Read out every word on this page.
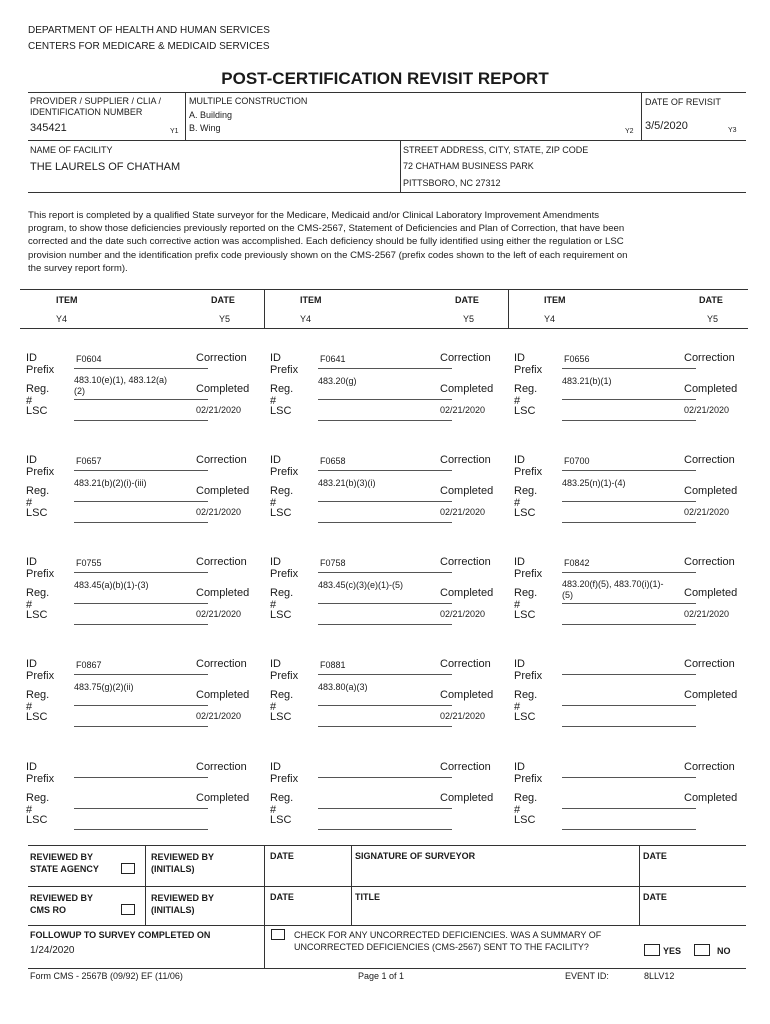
DEPARTMENT OF HEALTH AND HUMAN SERVICES
CENTERS FOR MEDICARE & MEDICAID SERVICES
POST-CERTIFICATION REVISIT REPORT
PROVIDER / SUPPLIER / CLIA /
IDENTIFICATION NUMBER
345421	Y1
MULTIPLE CONSTRUCTION
A. Building
B. Wing	Y2
DATE OF REVISIT
3/5/2020	Y3
NAME OF FACILITY
THE LAURELS OF CHATHAM
STREET ADDRESS, CITY, STATE, ZIP CODE
72 CHATHAM BUSINESS PARK
PITTSBORO, NC 27312
This report is completed by a qualified State surveyor for the Medicare, Medicaid and/or Clinical Laboratory Improvement Amendments
program, to show those deficiencies previously reported on the CMS-2567, Statement of Deficiencies and Plan of Correction, that have been
corrected and the date such corrective action was accomplished. Each deficiency should be fully identified using either the regulation or LSC
provision number and the identification prefix code previously shown on the CMS-2567 (prefix codes shown to the left of each requirement on
the survey report form).
ITEM	DATE
Y4	Y5
ITEM	DATE
Y4	Y5
ITEM	DATE
Y4	Y5
ID Prefix
F0604	Correction
Reg. #
483.10(e)(1), 483.12(a)
(2)	Completed
LSC	02/21/2020
ID Prefix
F0641	Correction
Reg. #
483.20(g)
Completed
LSC	02/21/2020
ID Prefix
F0656	Correction
Reg. #
483.21(b)(1)
Completed
LSC	02/21/2020
ID Prefix
F0657	Correction
Reg. #
483.21(b)(2)(i)-(iii)
Completed
LSC	02/21/2020
ID Prefix
F0658	Correction
Reg. #
483.21(b)(3)(i)
Completed
LSC	02/21/2020
ID Prefix
F0700	Correction
Reg. #
483.25(n)(1)-(4)
Completed
LSC	02/21/2020
ID Prefix
F0755	Correction
Reg. #
483.45(a)(b)(1)-(3)
Completed
LSC	02/21/2020
ID Prefix
F0758	Correction
Reg. #
483.45(c)(3)(e)(1)-(5)
Completed
LSC	02/21/2020
ID Prefix
F0842	Correction
Reg. #
483.20(f)(5), 483.70(i)(1)-
(5)	Completed
LSC	02/21/2020
ID Prefix
F0867	Correction
Reg. #
483.75(g)(2)(ii)
Completed
LSC	02/21/2020
ID Prefix
F0881	Correction
Reg. #
483.80(a)(3)
Completed
LSC	02/21/2020
ID Prefix
Correction
Reg. #
Completed
LSC
ID Prefix
Correction
Reg. #
Completed
LSC
ID Prefix
Correction
Reg. #
Completed
LSC
ID Prefix
Correction
Reg. #
Completed
LSC
REVIEWED BY
STATE AGENCY
REVIEWED BY
(INITIALS)
DATE	SIGNATURE OF SURVEYOR	DATE
REVIEWED BY
CMS RO
REVIEWED BY
(INITIALS)
DATE	TITLE	DATE
FOLLOWUP TO SURVEY COMPLETED ON
1/24/2020
CHECK FOR ANY UNCORRECTED DEFICIENCIES. WAS A SUMMARY OF
UNCORRECTED DEFICIENCIES (CMS-2567) SENT TO THE FACILITY?	YES	NO
Form CMS - 2567B (09/92) EF (11/06)	Page 1 of 1	EVENT ID:	8LLV12
